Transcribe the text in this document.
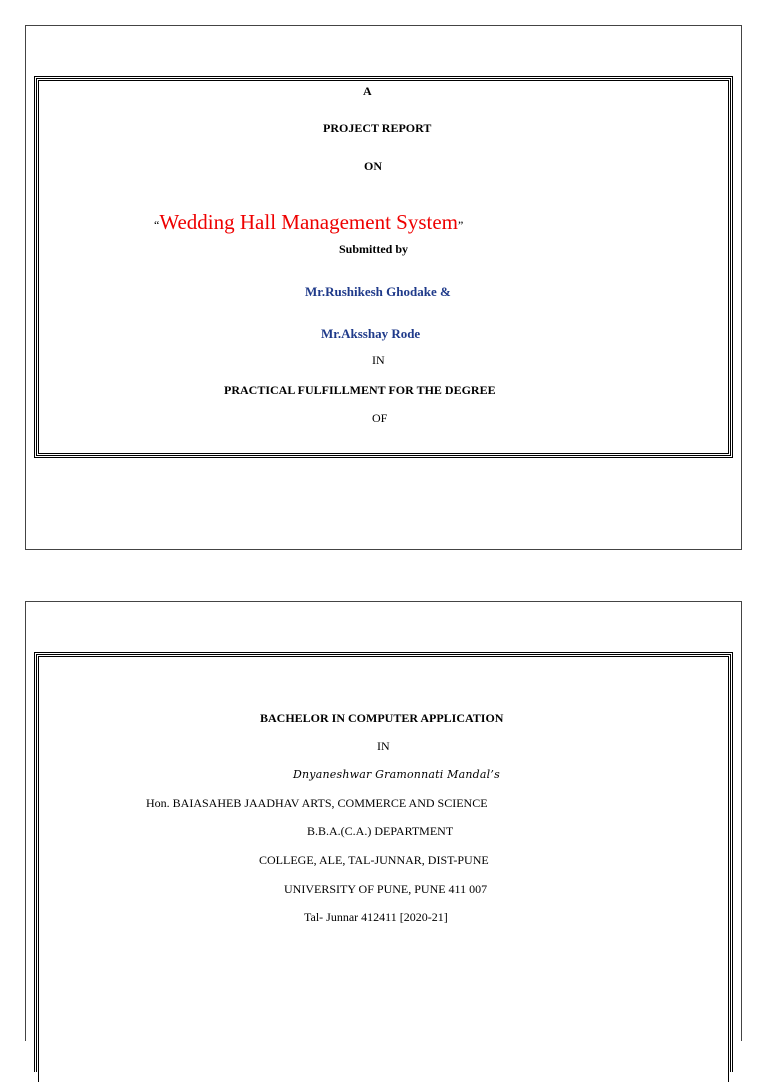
A
PROJECT REPORT
ON
“Wedding Hall Management System”
Submitted by
Mr.Rushikesh Ghodake &
Mr.Aksshay Rode
IN
PRACTICAL FULFILLMENT FOR THE DEGREE
OF
BACHELOR IN COMPUTER APPLICATION
IN
Dnyaneshwar Gramonnati Mandal’s
Hon. BAIASAHEB JAADHAV ARTS, COMMERCE AND SCIENCE
B.B.A.(C.A.) DEPARTMENT
COLLEGE, ALE, TAL-JUNNAR, DIST-PUNE
UNIVERSITY OF PUNE, PUNE 411 007
Tal- Junnar 412411 [2020-21]
